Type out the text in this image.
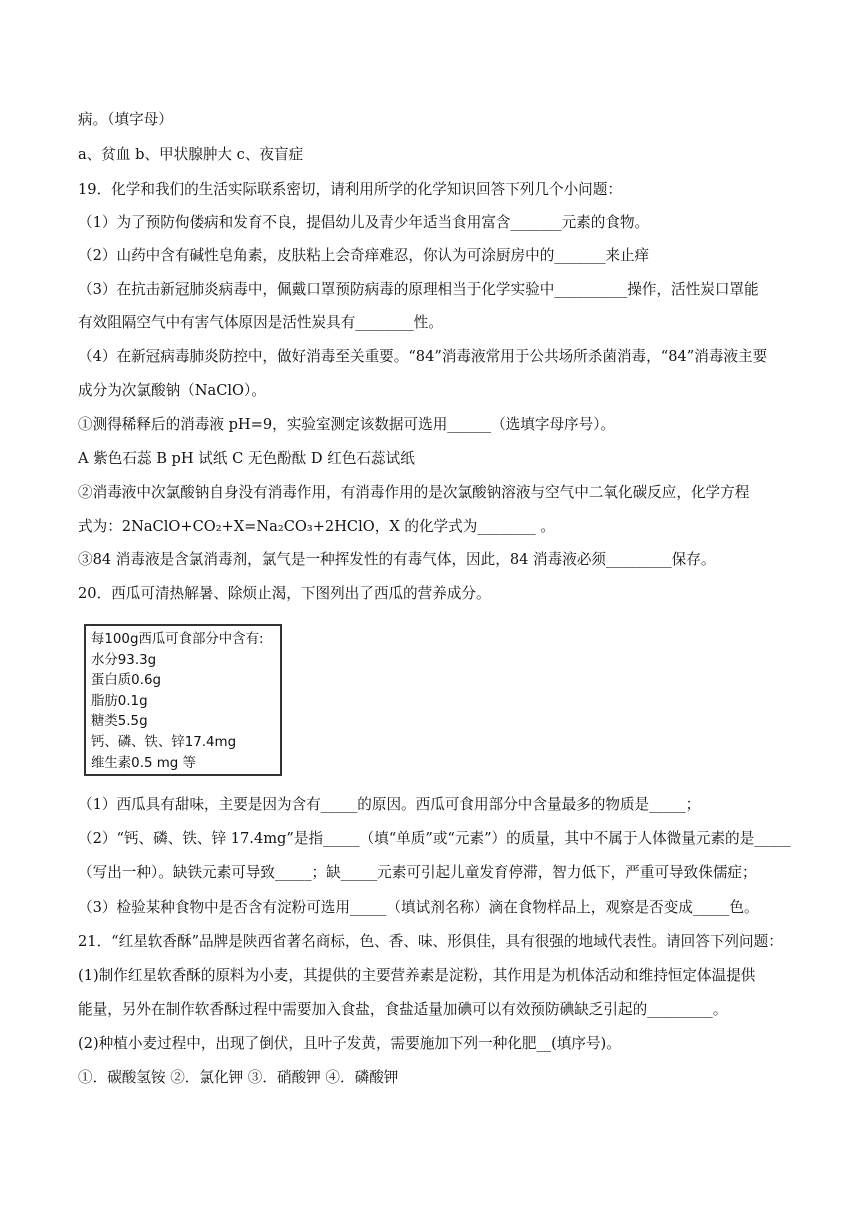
病。（填字母）
a、贫血 b、甲状腺肿大 c、夜盲症
19．化学和我们的生活实际联系密切，请利用所学的化学知识回答下列几个小问题：
（1）为了预防佝偻病和发育不良，提倡幼儿及青少年适当食用富含_______元素的食物。
（2）山药中含有碱性皂角素，皮肤粘上会奇痒难忍，你认为可涂厨房中的_______来止痒
（3）在抗击新冠肺炎病毒中，佩戴口罩预防病毒的原理相当于化学实验中__________操作，活性炭口罩能
有效阻隔空气中有害气体原因是活性炭具有________性。
（4）在新冠病毒肺炎防控中，做好消毒至关重要。“84”消毒液常用于公共场所杀菌消毒，“84”消毒液主要
成分为次氯酸钠（NaClO）。
①测得稀释后的消毒液 pH=9，实验室测定该数据可选用______（选填字母序号）。
A 紫色石蕊 B pH 试纸 C 无色酚酞 D 红色石蕊试纸
②消毒液中次氯酸钠自身没有消毒作用，有消毒作用的是次氯酸钠溶液与空气中二氧化碳反应，化学方程
式为：2NaClO+CO₂+X=Na₂CO₃+2HClO，X 的化学式为________ 。
③84 消毒液是含氯消毒剂，氯气是一种挥发性的有毒气体，因此，84 消毒液必须_________保存。
20．西瓜可清热解暑、除烦止渴，下图列出了西瓜的营养成分。
每100g西瓜可食部分中含有:
水分93.3g
蛋白质0.6g
脂肪0.1g
糖类5.5g
钙、磷、铁、锌17.4mg
维生素0.5 mg 等
（1）西瓜具有甜味，主要是因为含有_____的原因。西瓜可食用部分中含量最多的物质是_____；
（2）“钙、磷、铁、锌 17.4mg”是指_____（填“单质”或“元素”）的质量，其中不属于人体微量元素的是_____
（写出一种）。缺铁元素可导致_____；缺_____元素可引起儿童发育停滞，智力低下，严重可导致侏儒症；
（3）检验某种食物中是否含有淀粉可选用_____（填试剂名称）滴在食物样品上，观察是否变成_____色。
21．“红星软香酥”品牌是陕西省著名商标，色、香、味、形俱佳，具有很强的地域代表性。请回答下列问题：
(1)制作红星软香酥的原料为小麦，其提供的主要营养素是淀粉，其作用是为机体活动和维持恒定体温提供
能量，另外在制作软香酥过程中需要加入食盐，食盐适量加碘可以有效预防碘缺乏引起的_________。
(2)种植小麦过程中，出现了倒伏，且叶子发黄，需要施加下列一种化肥__(填序号)。
①．碳酸氢铵 ②．氯化钾 ③．硝酸钾 ④．磷酸钾
